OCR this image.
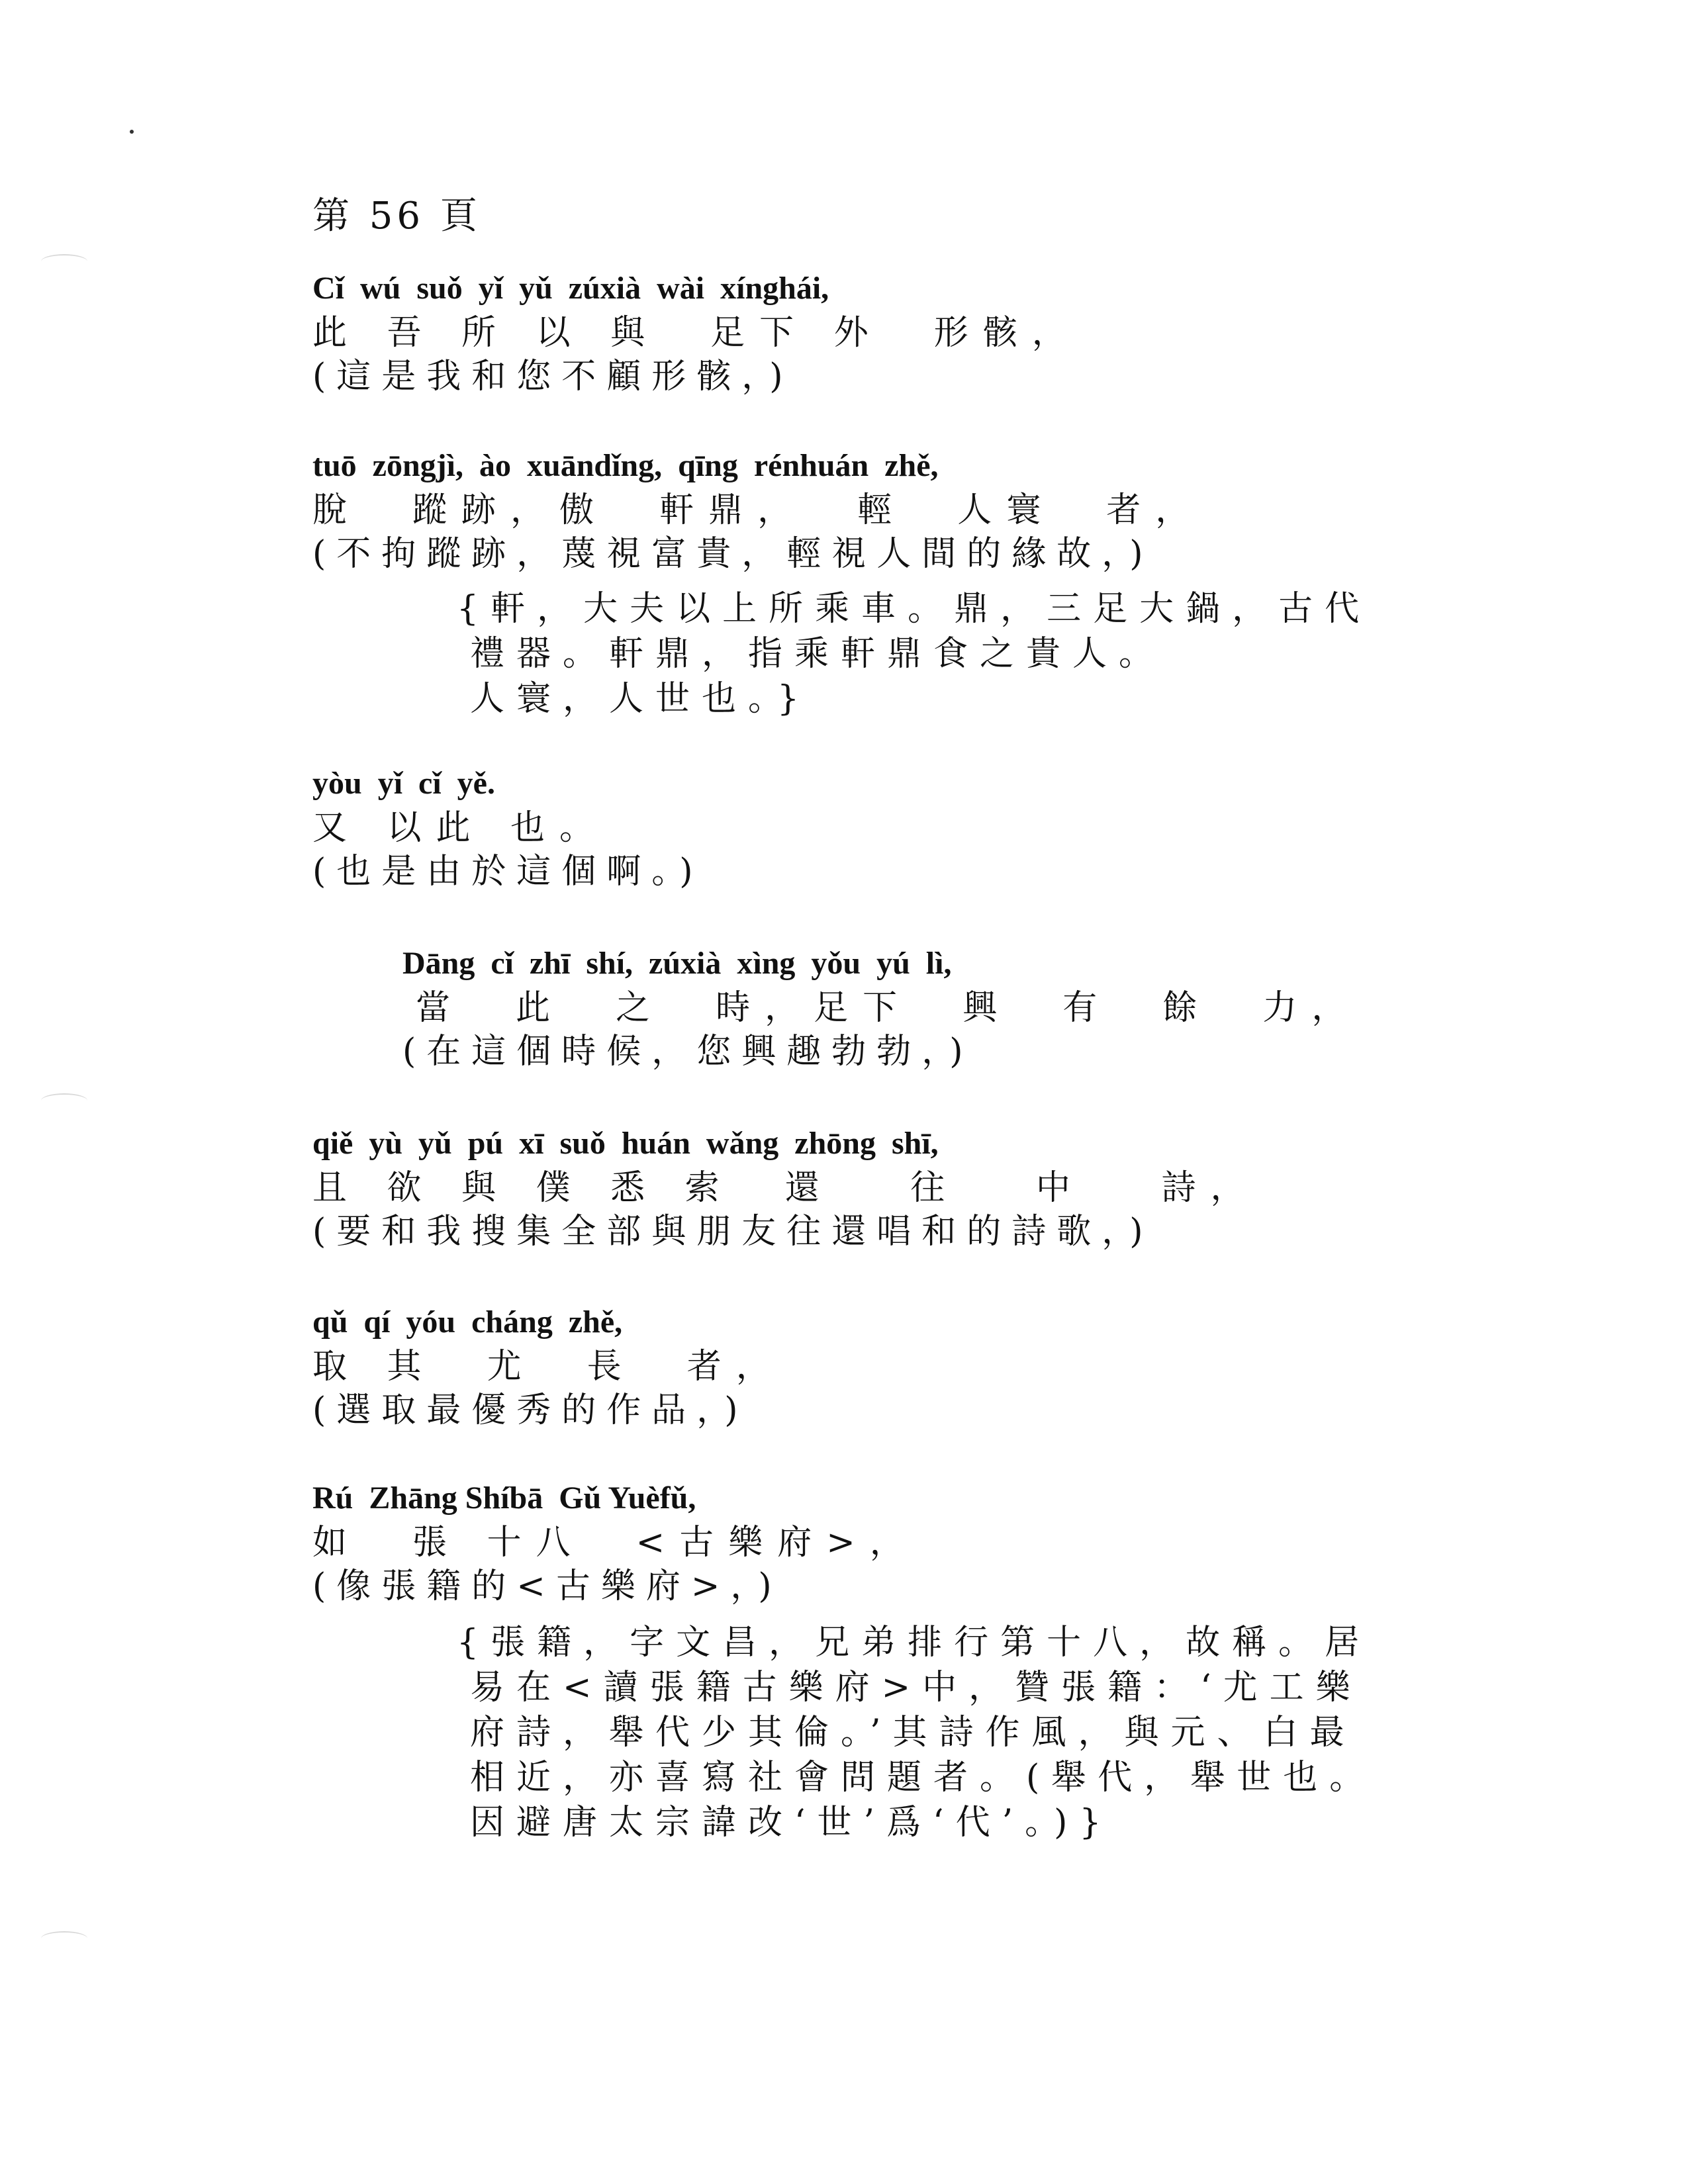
第 56 頁
Cǐ  wú  suǒ  yǐ  yǔ  zúxià  wài  xínghái,
此 吾 所 以 與  足下 外  形骸，
(這是我和您不顧形骸，)
tuō  zōngjì,  ào  xuāndǐng,  qīng  rénhuán  zhě,
脫  蹤跡，傲  軒鼎，  輕  人寰  者，
(不拘蹤跡，蔑視富貴，輕視人間的緣故，)
{軒，大夫以上所乘車。鼎，三足大鍋，古代
禮器。軒鼎，指乘軒鼎食之貴人。
人寰，人世也。}
yòu  yǐ  cǐ  yě.
又 以此 也。
(也是由於這個啊。)
Dāng  cǐ  zhī  shí,  zúxià  xìng  yǒu  yú  lì,
當  此  之  時，足下  興  有  餘  力，
(在這個時候，您興趣勃勃，)
qiě  yù  yǔ  pú  xī  suǒ  huán  wǎng  zhōng  shī,
且 欲 與 僕 悉 索  還   往   中   詩，
(要和我搜集全部與朋友往還唱和的詩歌，)
qǔ  qí  yóu  cháng  zhě,
取 其  尤  長  者，
(選取最優秀的作品，)
Rú  Zhāng Shíbā  Gǔ Yuèfǔ,
如  張 十八  <古樂府>，
(像張籍的<古樂府>，)
{張籍，字文昌，兄弟排行第十八，故稱。居
易在<讀張籍古樂府>中，贊張籍：‘尤工樂
府詩，舉代少其倫。’其詩作風，與元、白最
相近，亦喜寫社會問題者。(舉代，舉世也。
因避唐太宗諱改‘世’爲‘代’。)}
